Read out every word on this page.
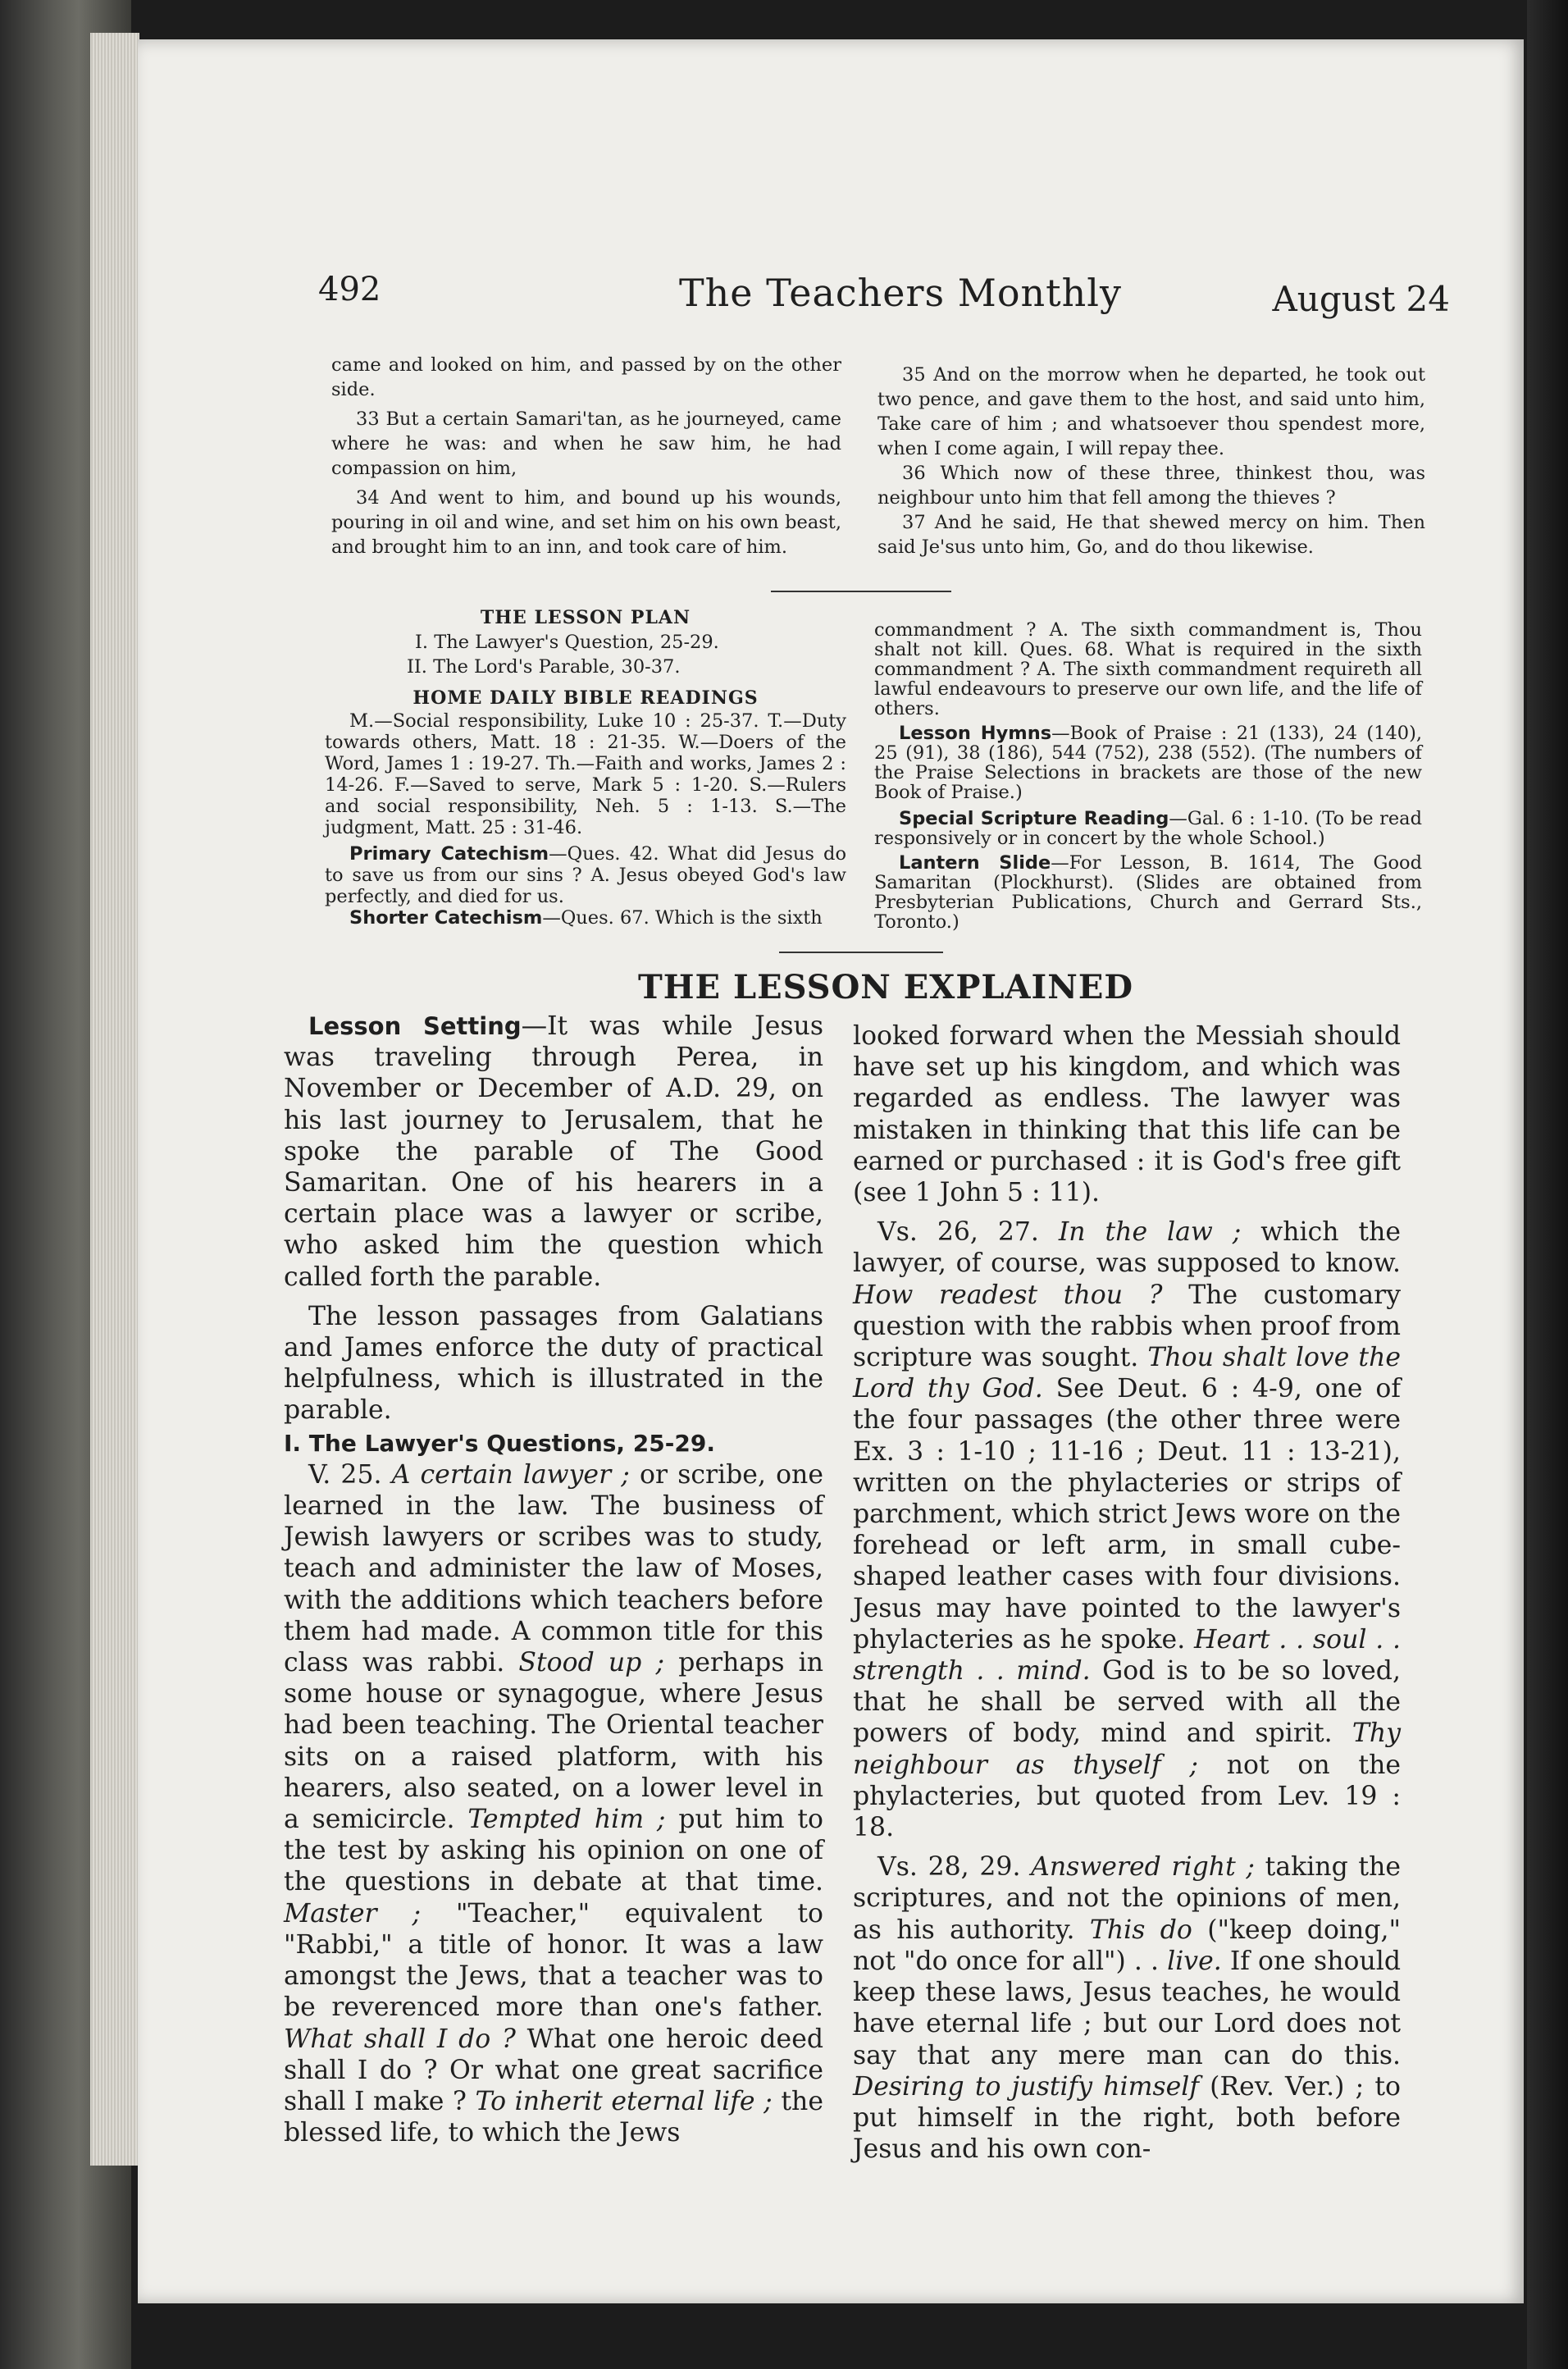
492	The Teachers Monthly	August 24

came and looked on him, and passed by on the other side.

33 But a certain Samari'tan, as he journeyed, came where he was: and when he saw him, he had compassion on him,

34 And went to him, and bound up his wounds, pouring in oil and wine, and set him on his own beast, and brought him to an inn, and took care of him.

35 And on the morrow when he departed, he took out two pence, and gave them to the host, and said unto him, Take care of him ; and whatsoever thou spendest more, when I come again, I will repay thee.

36 Which now of these three, thinkest thou, was neighbour unto him that fell among the thieves ?

37 And he said, He that shewed mercy on him. Then said Je'sus unto him, Go, and do thou likewise.

THE LESSON PLAN

I. The Lawyer's Question, 25-29.

II. The Lord's Parable, 30-37.

HOME DAILY BIBLE READINGS

M.—Social responsibility, Luke 10 : 25-37. T.—Duty towards others, Matt. 18 : 21-35. W.—Doers of the Word, James 1 : 19-27. Th.—Faith and works, James 2 : 14-26. F.—Saved to serve, Mark 5 : 1-20. S.—Rulers and social responsibility, Neh. 5 : 1-13. S.—The judgment, Matt. 25 : 31-46.

Primary Catechism—Ques. 42. What did Jesus do to save us from our sins ? A. Jesus obeyed God's law perfectly, and died for us.

Shorter Catechism—Ques. 67. Which is the sixth

commandment ? A. The sixth commandment is, Thou shalt not kill. Ques. 68. What is required in the sixth commandment ? A. The sixth commandment requireth all lawful endeavours to preserve our own life, and the life of others.

Lesson Hymns—Book of Praise : 21 (133), 24 (140), 25 (91), 38 (186), 544 (752), 238 (552). (The numbers of the Praise Selections in brackets are those of the new Book of Praise.)

Special Scripture Reading—Gal. 6 : 1-10. (To be read responsively or in concert by the whole School.)

Lantern Slide—For Lesson, B. 1614, The Good Samaritan (Plockhurst). (Slides are obtained from Presbyterian Publications, Church and Gerrard Sts., Toronto.)

THE LESSON EXPLAINED

Lesson Setting—It was while Jesus was traveling through Perea, in November or December of A.D. 29, on his last journey to Jerusalem, that he spoke the parable of The Good Samaritan. One of his hearers in a certain place was a lawyer or scribe, who asked him the question which called forth the parable.

The lesson passages from Galatians and James enforce the duty of practical helpfulness, which is illustrated in the parable.

I. The Lawyer's Questions, 25-29.

V. 25. A certain lawyer ; or scribe, one learned in the law. The business of Jewish lawyers or scribes was to study, teach and administer the law of Moses, with the additions which teachers before them had made. A common title for this class was rabbi. Stood up ; perhaps in some house or synagogue, where Jesus had been teaching. The Oriental teacher sits on a raised platform, with his hearers, also seated, on a lower level in a semicircle. Tempted him ; put him to the test by asking his opinion on one of the questions in debate at that time. Master ; "Teacher," equivalent to "Rabbi," a title of honor. It was a law amongst the Jews, that a teacher was to be reverenced more than one's father. What shall I do ? What one heroic deed shall I do ? Or what one great sacrifice shall I make ? To inherit eternal life ; the blessed life, to which the Jews

looked forward when the Messiah should have set up his kingdom, and which was regarded as endless. The lawyer was mistaken in thinking that this life can be earned or purchased : it is God's free gift (see 1 John 5 : 11).

Vs. 26, 27. In the law ; which the lawyer, of course, was supposed to know. How readest thou ? The customary question with the rabbis when proof from scripture was sought. Thou shalt love the Lord thy God. See Deut. 6 : 4-9, one of the four passages (the other three were Ex. 3 : 1-10 ; 11-16 ; Deut. 11 : 13-21), written on the phylacteries or strips of parchment, which strict Jews wore on the forehead or left arm, in small cube-shaped leather cases with four divisions. Jesus may have pointed to the lawyer's phylacteries as he spoke. Heart . . soul . . strength . . mind. God is to be so loved, that he shall be served with all the powers of body, mind and spirit. Thy neighbour as thyself ; not on the phylacteries, but quoted from Lev. 19 : 18.

Vs. 28, 29. Answered right ; taking the scriptures, and not the opinions of men, as his authority. This do ("keep doing," not "do once for all") . . live. If one should keep these laws, Jesus teaches, he would have eternal life ; but our Lord does not say that any mere man can do this. Desiring to justify himself (Rev. Ver.) ; to put himself in the right, both before Jesus and his own con-
